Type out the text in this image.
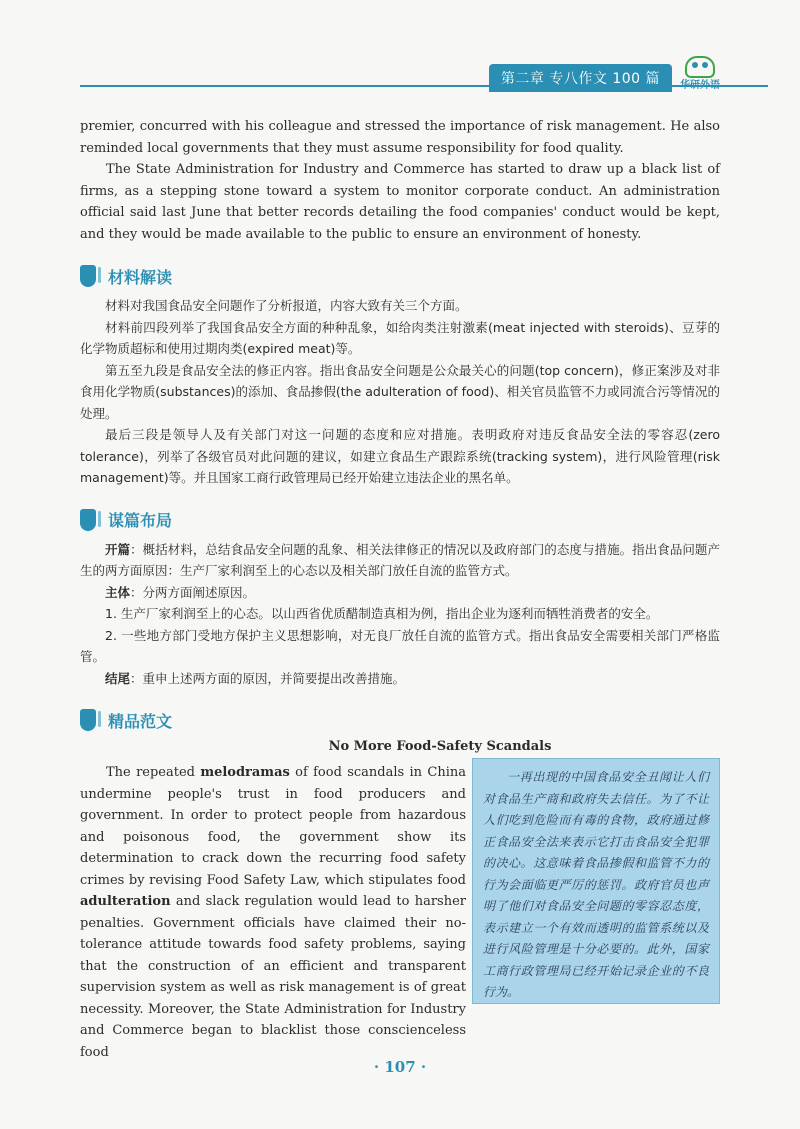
第二章 专八作文 100 篇	华研外语

premier, concurred with his colleague and stressed the importance of risk management. He also reminded local governments that they must assume responsibility for food quality.

The State Administration for Industry and Commerce has started to draw up a black list of firms, as a stepping stone toward a system to monitor corporate conduct. An administration official said last June that better records detailing the food companies' conduct would be kept, and they would be made available to the public to ensure an environment of honesty.

材料解读

材料对我国食品安全问题作了分析报道，内容大致有关三个方面。

材料前四段列举了我国食品安全方面的种种乱象，如给肉类注射激素(meat injected with steroids)、豆芽的化学物质超标和使用过期肉类(expired meat)等。

第五至九段是食品安全法的修正内容。指出食品安全问题是公众最关心的问题(top concern)，修正案涉及对非食用化学物质(substances)的添加、食品掺假(the adulteration of food)、相关官员监管不力或同流合污等情况的处理。

最后三段是领导人及有关部门对这一问题的态度和应对措施。表明政府对违反食品安全法的零容忍(zero tolerance)，列举了各级官员对此问题的建议，如建立食品生产跟踪系统(tracking system)，进行风险管理(risk management)等。并且国家工商行政管理局已经开始建立违法企业的黑名单。

谋篇布局

开篇：概括材料，总结食品安全问题的乱象、相关法律修正的情况以及政府部门的态度与措施。指出食品问题产生的两方面原因：生产厂家利润至上的心态以及相关部门放任自流的监管方式。

主体：分两方面阐述原因。

1. 生产厂家利润至上的心态。以山西省优质醋制造真相为例，指出企业为逐利而牺牲消费者的安全。

2. 一些地方部门受地方保护主义思想影响，对无良厂放任自流的监管方式。指出食品安全需要相关部门严格监管。

结尾：重申上述两方面的原因，并简要提出改善措施。

精品范文
No More Food-Safety Scandals
The repeated melodramas of food scandals in China undermine people's trust in food producers and government. In order to protect people from hazardous and poisonous food, the government show its determination to crack down the recurring food safety crimes by revising Food Safety Law, which stipulates food adulteration and slack regulation would lead to harsher penalties. Government officials have claimed their no-tolerance attitude towards food safety problems, saying that the construction of an efficient and transparent supervision system as well as risk management is of great necessity. Moreover, the State Administration for Industry and Commerce began to blacklist those conscienceless food
一再出现的中国食品安全丑闻让人们对食品生产商和政府失去信任。为了不让人们吃到危险而有毒的食物，政府通过修正食品安全法来表示它打击食品安全犯罪的决心。这意味着食品掺假和监管不力的行为会面临更严厉的惩罚。政府官员也声明了他们对食品安全问题的零容忍态度，表示建立一个有效而透明的监管系统以及进行风险管理是十分必要的。此外，国家工商行政管理局已经开始记录企业的不良行为。
· 107 ·
